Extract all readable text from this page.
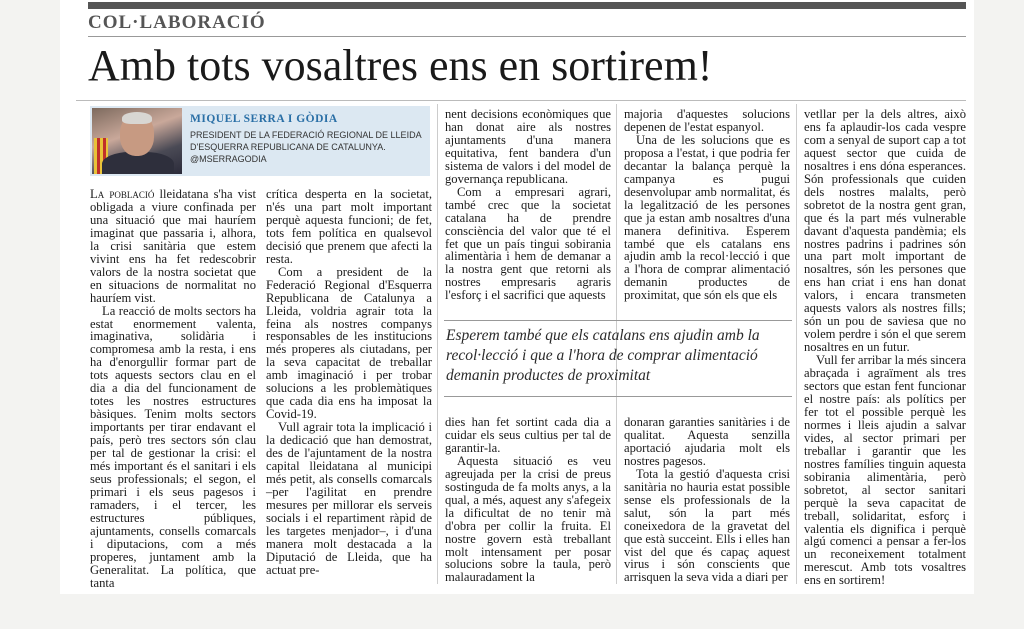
COL·LABORACIÓ
Amb tots vosaltres ens en sortirem!
MIQUEL SERRA I GÒDIA
PRESIDENT DE LA FEDERACIÓ REGIONAL DE LLEIDA D'ESQUERRA REPUBLICANA DE CATALUNYA. @MSERRAGODIA

La població lleidatana s'ha vist obligada a viure confinada per una situació que mai hauríem imaginat que passaria i, alhora, la crisi sanitària que estem vivint ens ha fet redescobrir valors de la nostra societat que en situacions de normalitat no hauríem vist.

La reacció de molts sectors ha estat enormement valenta, imaginativa, solidària i compromesa amb la resta, i ens ha d'enorgullir formar part de tots aquests sectors clau en el dia a dia del funcionament de totes les nostres estructures bàsiques. Tenim molts sectors importants per tirar endavant el país, però tres sectors són clau per tal de gestionar la crisi: el més important és el sanitari i els seus professionals; el segon, el primari i els seus pagesos i ramaders, i el tercer, les estructures públiques, ajuntaments, consells comarcals i diputacions, com a més properes, juntament amb la Generalitat. La política, que tanta

crítica desperta en la societat, n'és una part molt important perquè aquesta funcioni; de fet, tots fem política en qualsevol decisió que prenem que afecti la resta.

Com a president de la Federació Regional d'Esquerra Republicana de Catalunya a Lleida, voldria agrair tota la feina als nostres companys responsables de les institucions més properes als ciutadans, per la seva capacitat de treballar amb imaginació i per trobar solucions a les problemàtiques que cada dia ens ha imposat la Covid-19.

Vull agrair tota la implicació i la dedicació que han demostrat, des de l'ajuntament de la nostra capital lleidatana al municipi més petit, als consells comarcals –per l'agilitat en prendre mesures per millorar els serveis socials i el repartiment ràpid de les targetes menjador–, i d'una manera molt destacada a la Diputació de Lleida, que ha actuat pre-

nent decisions econòmiques que han donat aire als nostres ajuntaments d'una manera equitativa, fent bandera d'un sistema de valors i del model de governança republicana.

Com a empresari agrari, també crec que la societat catalana ha de prendre consciència del valor que té el fet que un país tingui sobirania alimentària i hem de demanar a la nostra gent que retorni als nostres empresaris agraris l'esforç i el sacrifici que aquests

majoria d'aquestes solucions depenen de l'estat espanyol.

Una de les solucions que es proposa a l'estat, i que podria fer decantar la balança perquè la campanya es pugui desenvolupar amb normalitat, és la legalització de les persones que ja estan amb nosaltres d'una manera definitiva. Esperem també que els catalans ens ajudin amb la recol·lecció i que a l'hora de comprar alimentació demanin productes de proximitat, que són els que els

Esperem també que els catalans ens ajudin amb la recol·lecció i que a l'hora de comprar alimentació demanin productes de proximitat

dies han fet sortint cada dia a cuidar els seus cultius per tal de garantir-la.

Aquesta situació es veu agreujada per la crisi de preus sostinguda de fa molts anys, a la qual, a més, aquest any s'afegeix la dificultat de no tenir mà d'obra per collir la fruita. El nostre govern està treballant molt intensament per posar solucions sobre la taula, però malauradament la

donaran garanties sanitàries i de qualitat. Aquesta senzilla aportació ajudaria molt els nostres pagesos.

Tota la gestió d'aquesta crisi sanitària no hauria estat possible sense els professionals de la salut, són la part més coneixedora de la gravetat del que està succeint. Ells i elles han vist del que és capaç aquest virus i són conscients que arrisquen la seva vida a diari per

vetllar per la dels altres, això ens fa aplaudir-los cada vespre com a senyal de suport cap a tot aquest sector que cuida de nosaltres i ens dóna esperances. Són professionals que cuiden dels nostres malalts, però sobretot de la nostra gent gran, que és la part més vulnerable davant d'aquesta pandèmia; els nostres padrins i padrines són una part molt important de nosaltres, són les persones que ens han criat i ens han donat valors, i encara transmeten aquests valors als nostres fills; són un pou de saviesa que no volem perdre i són el que serem nosaltres en un futur.

Vull fer arribar la més sincera abraçada i agraïment als tres sectors que estan fent funcionar el nostre país: als polítics per fer tot el possible perquè les normes i lleis ajudin a salvar vides, al sector primari per treballar i garantir que les nostres famílies tinguin aquesta sobirania alimentària, però sobretot, al sector sanitari perquè la seva capacitat de treball, solidaritat, esforç i valentia els dignifica i perquè algú comenci a pensar a fer-los un reconeixement totalment merescut. Amb tots vosaltres ens en sortirem!
